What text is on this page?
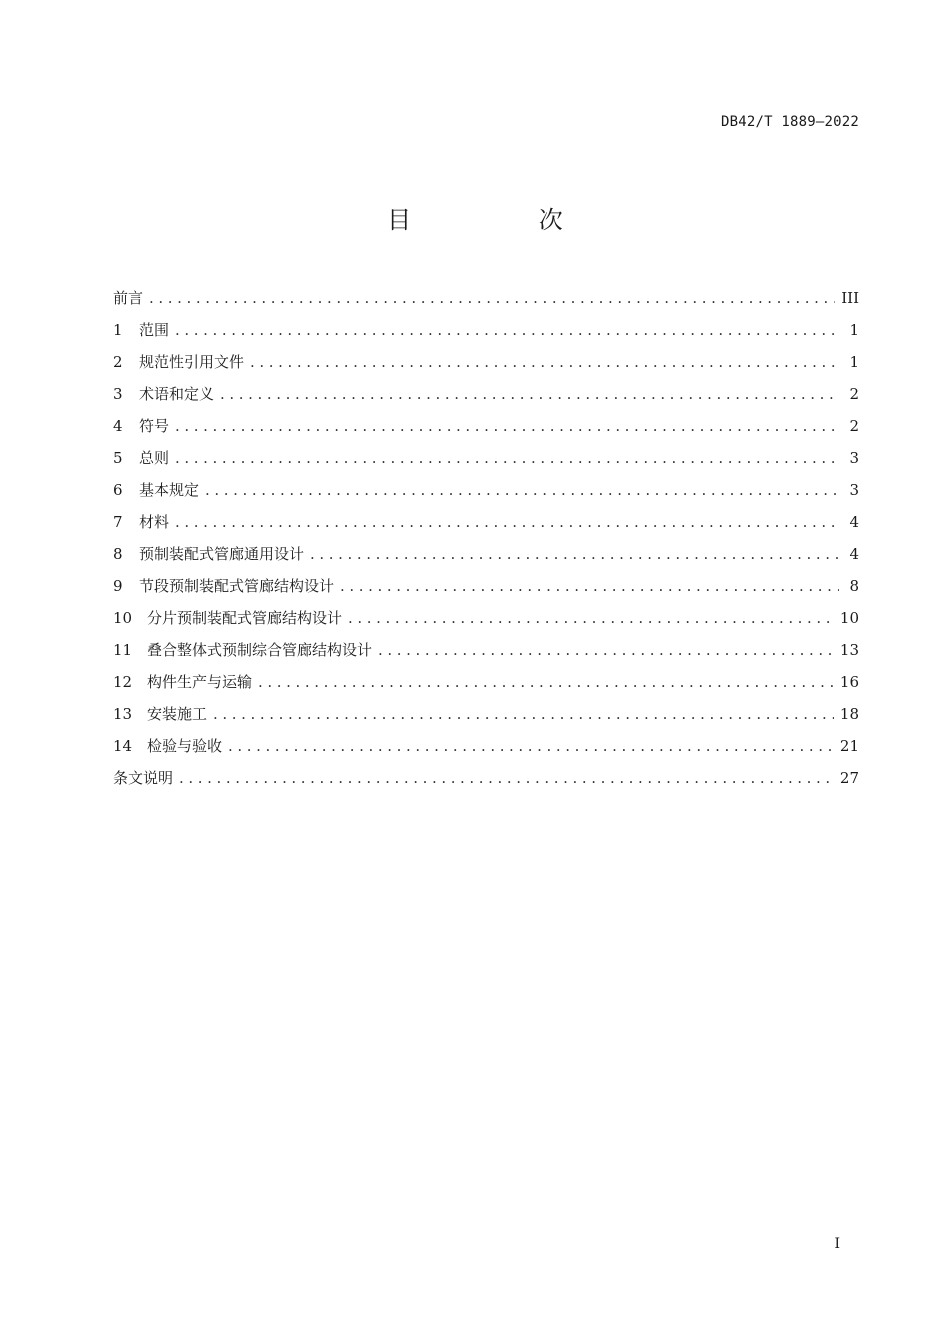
DB42/T 1889—2022
目 次
前言 .....	III
1	范围 .....	1
2	规范性引用文件 .....	1
3	术语和定义 .....	2
4	符号 .....	2
5	总则 .....	3
6	基本规定 .....	3
7	材料 .....	4
8	预制装配式管廊通用设计 .....	4
9	节段预制装配式管廊结构设计 .....	8
10 分片预制装配式管廊结构设计 .....	10
11 叠合整体式预制综合管廊结构设计 .....	13
12 构件生产与运输 .....	16
13 安装施工 .....	18
14 检验与验收 .....	21
条文说明 .....	27
I
